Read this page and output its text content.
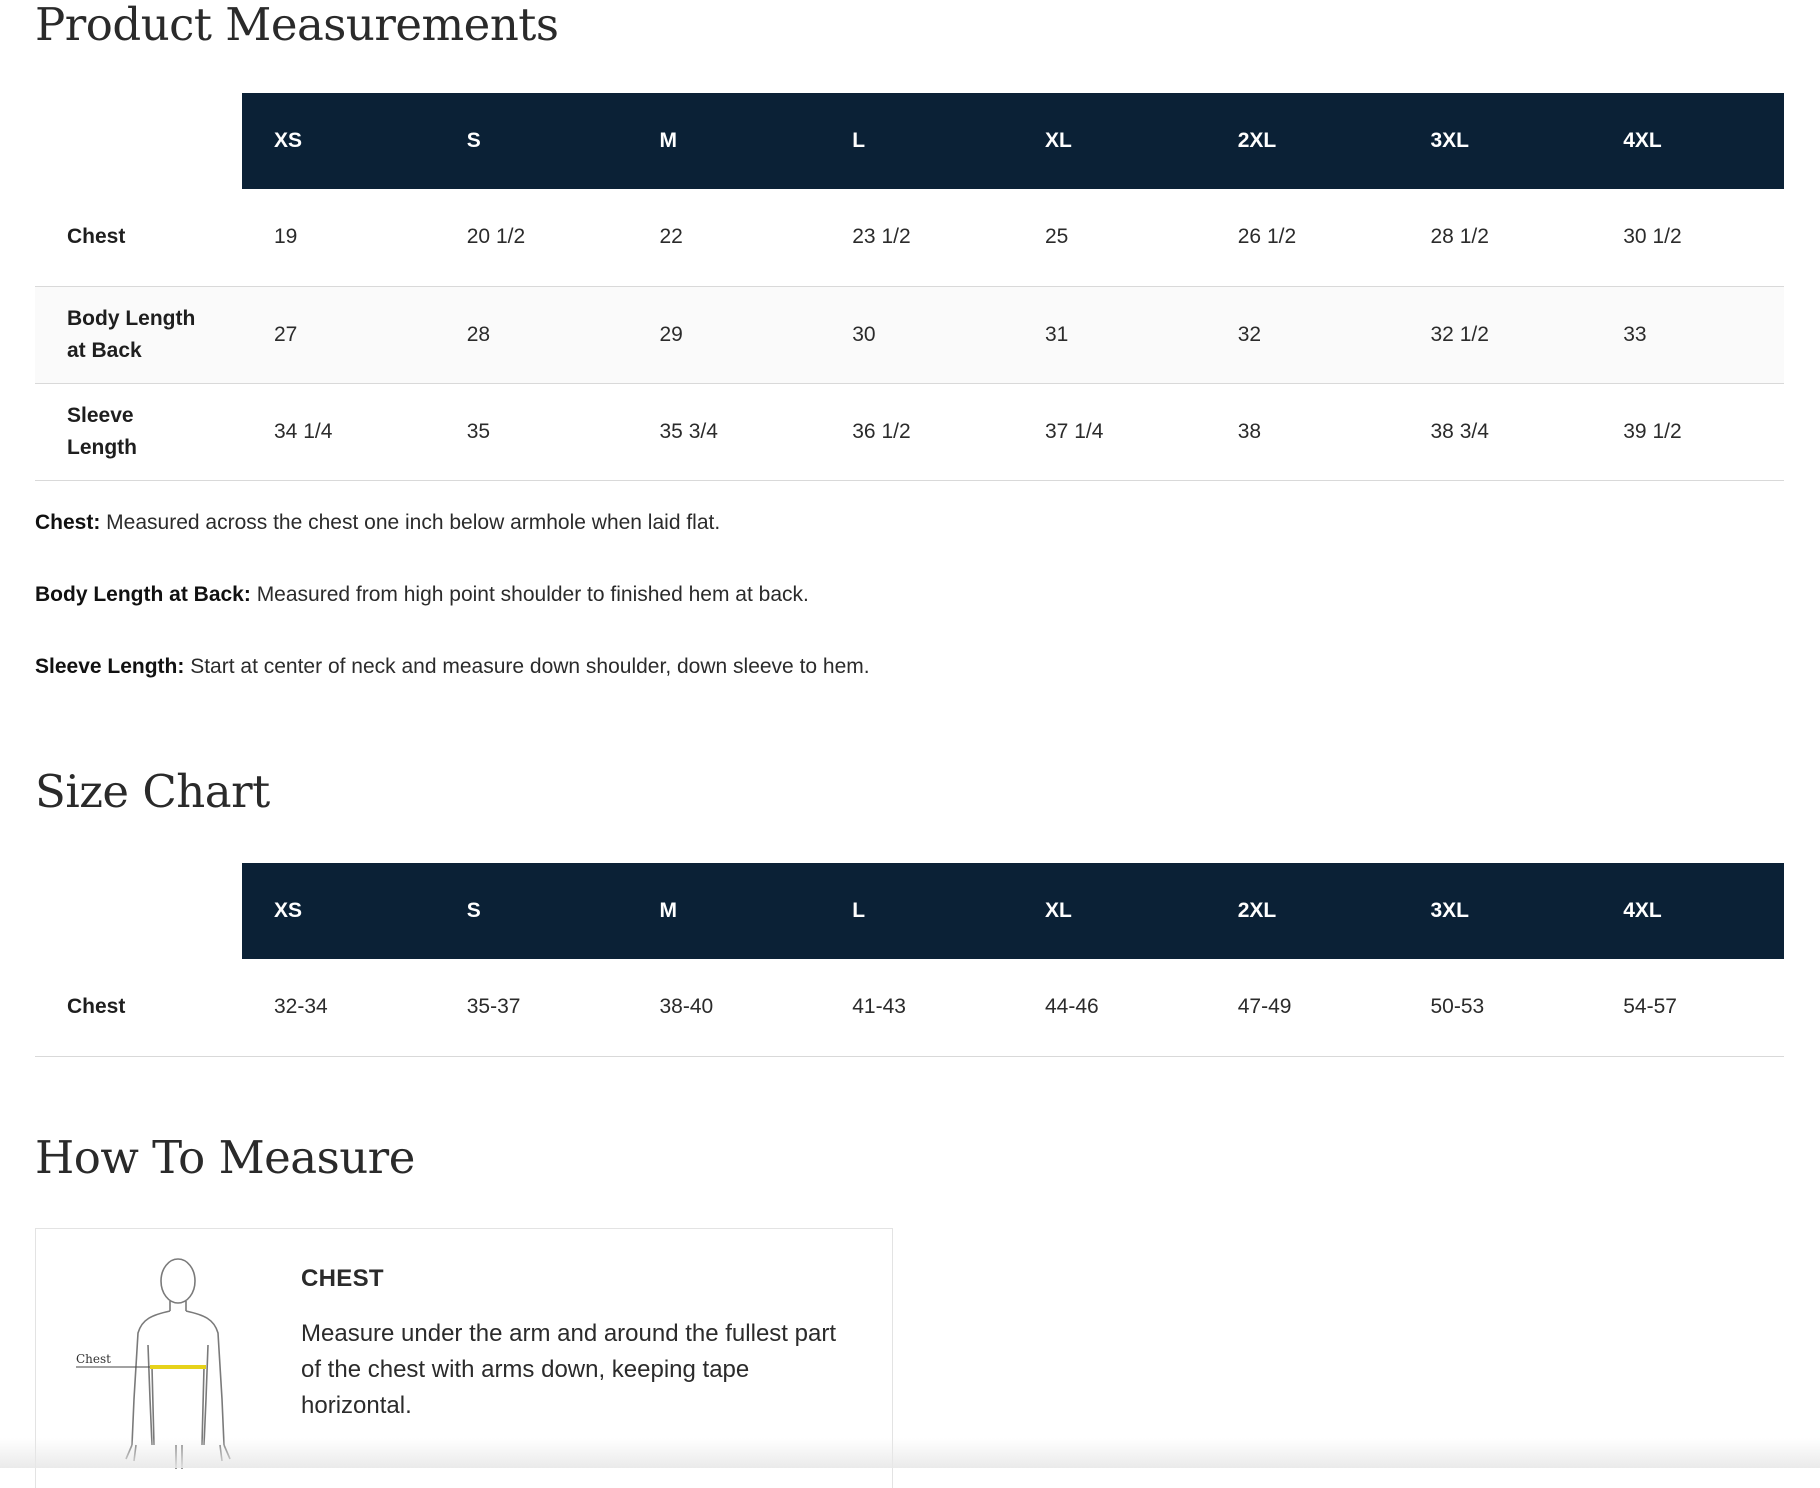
Product Measurements
	XS	S	M	L	XL	2XL	3XL	4XL
Chest	19	20 1/2	22	23 1/2	25	26 1/2	28 1/2	30 1/2
Body Length
at Back	27	28	29	30	31	32	32 1/2	33
Sleeve
Length	34 1/4	35	35 3/4	36 1/2	37 1/4	38	38 3/4	39 1/2

Chest: Measured across the chest one inch below armhole when laid flat.

Body Length at Back: Measured from high point shoulder to finished hem at back.

Sleeve Length: Start at center of neck and measure down shoulder, down sleeve to hem.

Size Chart
	XS	S	M	L	XL	2XL	3XL	4XL
Chest	32-34	35-37	38-40	41-43	44-46	47-49	50-53	54-57
How To Measure
Chest
CHEST
Measure under the arm and around the fullest part of the chest with arms down, keeping tape horizontal.
